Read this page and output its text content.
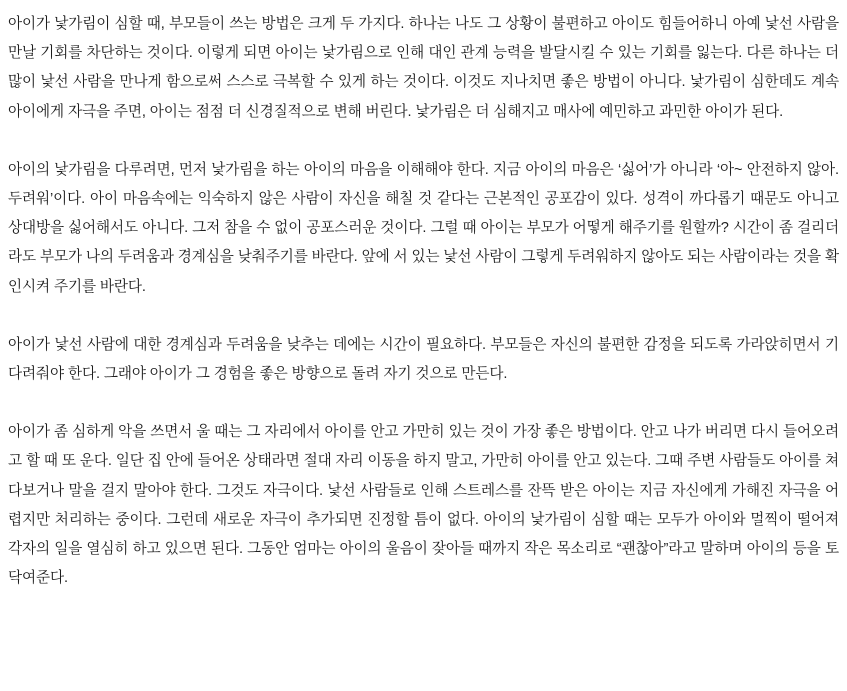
아이가 낯가림이 심할 때, 부모들이 쓰는 방법은 크게 두 가지다. 하나는 나도 그 상황이 불편하고 아이도 힘들어하니 아예 낯선 사람을 만날 기회를 차단하는 것이다. 이렇게 되면 아이는 낯가림으로 인해 대인 관계 능력을 발달시킬 수 있는 기회를 잃는다. 다른 하나는 더 많이 낯선 사람을 만나게 함으로써 스스로 극복할 수 있게 하는 것이다. 이것도 지나치면 좋은 방법이 아니다. 낯가림이 심한데도 계속 아이에게 자극을 주면, 아이는 점점 더 신경질적으로 변해 버린다. 낯가림은 더 심해지고 매사에 예민하고 과민한 아이가 된다.

아이의 낯가림을 다루려면, 먼저 낯가림을 하는 아이의 마음을 이해해야 한다. 지금 아이의 마음은 ‘싫어’가 아니라 ‘아~ 안전하지 않아. 두려워’이다. 아이 마음속에는 익숙하지 않은 사람이 자신을 해칠 것 같다는 근본적인 공포감이 있다. 성격이 까다롭기 때문도 아니고 상대방을 싫어해서도 아니다. 그저 참을 수 없이 공포스러운 것이다. 그럴 때 아이는 부모가 어떻게 해주기를 원할까? 시간이 좀 걸리더라도 부모가 나의 두려움과 경계심을 낮춰주기를 바란다. 앞에 서 있는 낯선 사람이 그렇게 두려워하지 않아도 되는 사람이라는 것을 확인시켜 주기를 바란다.

아이가 낯선 사람에 대한 경계심과 두려움을 낮추는 데에는 시간이 필요하다. 부모들은 자신의 불편한 감정을 되도록 가라앉히면서 기다려줘야 한다. 그래야 아이가 그 경험을 좋은 방향으로 돌려 자기 것으로 만든다.

아이가 좀 심하게 악을 쓰면서 울 때는 그 자리에서 아이를 안고 가만히 있는 것이 가장 좋은 방법이다. 안고 나가 버리면 다시 들어오려고 할 때 또 운다. 일단 집 안에 들어온 상태라면 절대 자리 이동을 하지 말고, 가만히 아이를 안고 있는다. 그때 주변 사람들도 아이를 쳐다보거나 말을 걸지 말아야 한다. 그것도 자극이다. 낯선 사람들로 인해 스트레스를 잔뜩 받은 아이는 지금 자신에게 가해진 자극을 어렵지만 처리하는 중이다. 그런데 새로운 자극이 추가되면 진정할 틈이 없다. 아이의 낯가림이 심할 때는 모두가 아이와 멀찍이 떨어져 각자의 일을 열심히 하고 있으면 된다. 그동안 엄마는 아이의 울음이 잦아들 때까지 작은 목소리로 “괜찮아”라고 말하며 아이의 등을 토닥여준다.
